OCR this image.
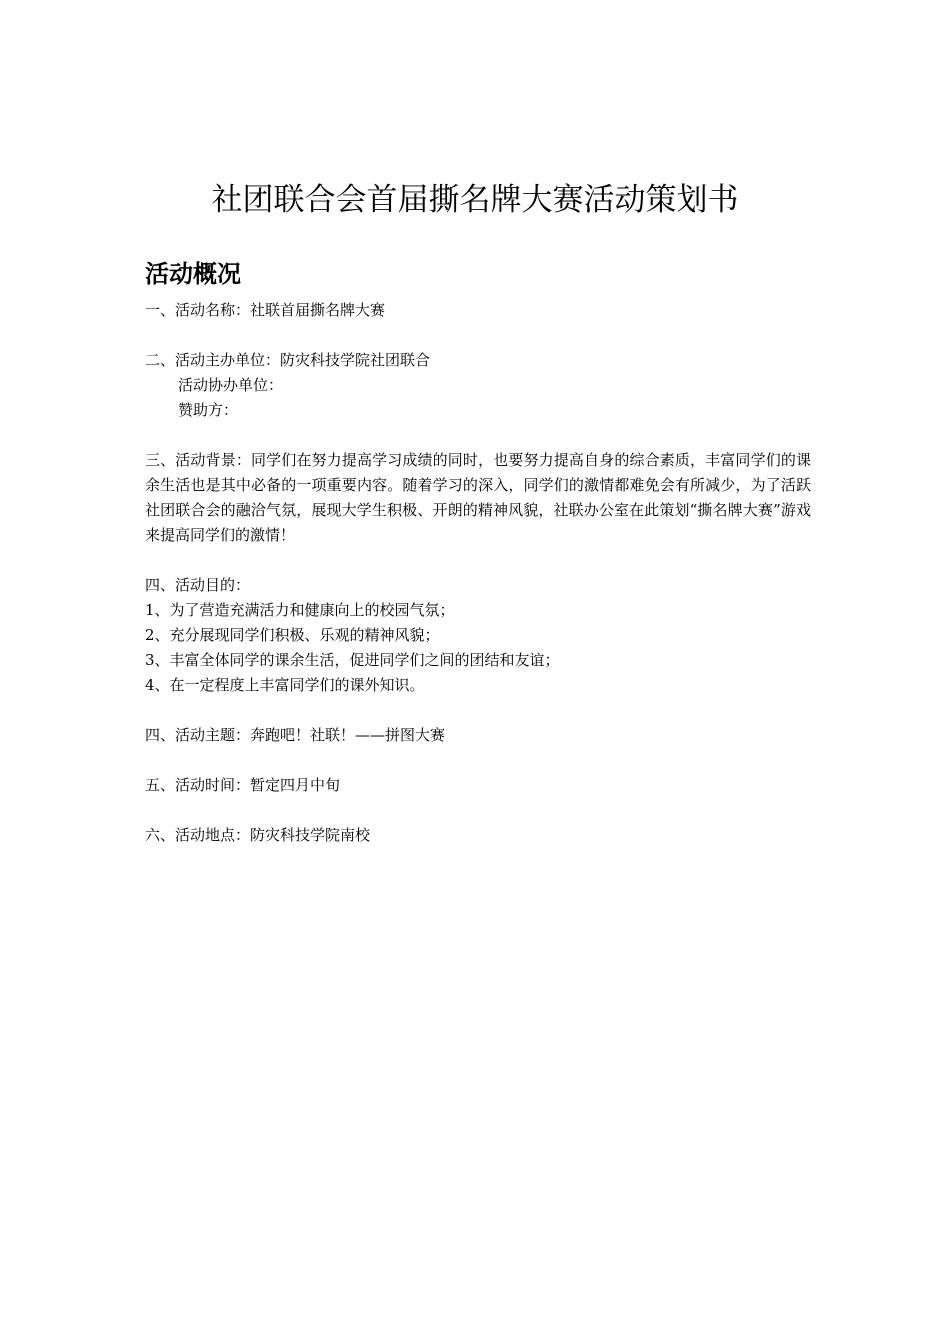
社团联合会首届撕名牌大赛活动策划书
活动概况

一、活动名称：社联首届撕名牌大赛

二、活动主办单位：防灾科技学院社团联合

活动协办单位：

赞助方：

三、活动背景：同学们在努力提高学习成绩的同时，也要努力提高自身的综合素质，丰富同学们的课余生活也是其中必备的一项重要内容。随着学习的深入，同学们的激情都难免会有所减少，为了活跃社团联合会的融洽气氛，展现大学生积极、开朗的精神风貌，社联办公室在此策划“撕名牌大赛”游戏来提高同学们的激情！

四、活动目的：

1、为了营造充满活力和健康向上的校园气氛；

2、充分展现同学们积极、乐观的精神风貌；

3、丰富全体同学的课余生活，促进同学们之间的团结和友谊；

4、在一定程度上丰富同学们的课外知识。

四、活动主题：奔跑吧！社联！——拼图大赛

五、活动时间：暂定四月中旬

六、活动地点：防灾科技学院南校
